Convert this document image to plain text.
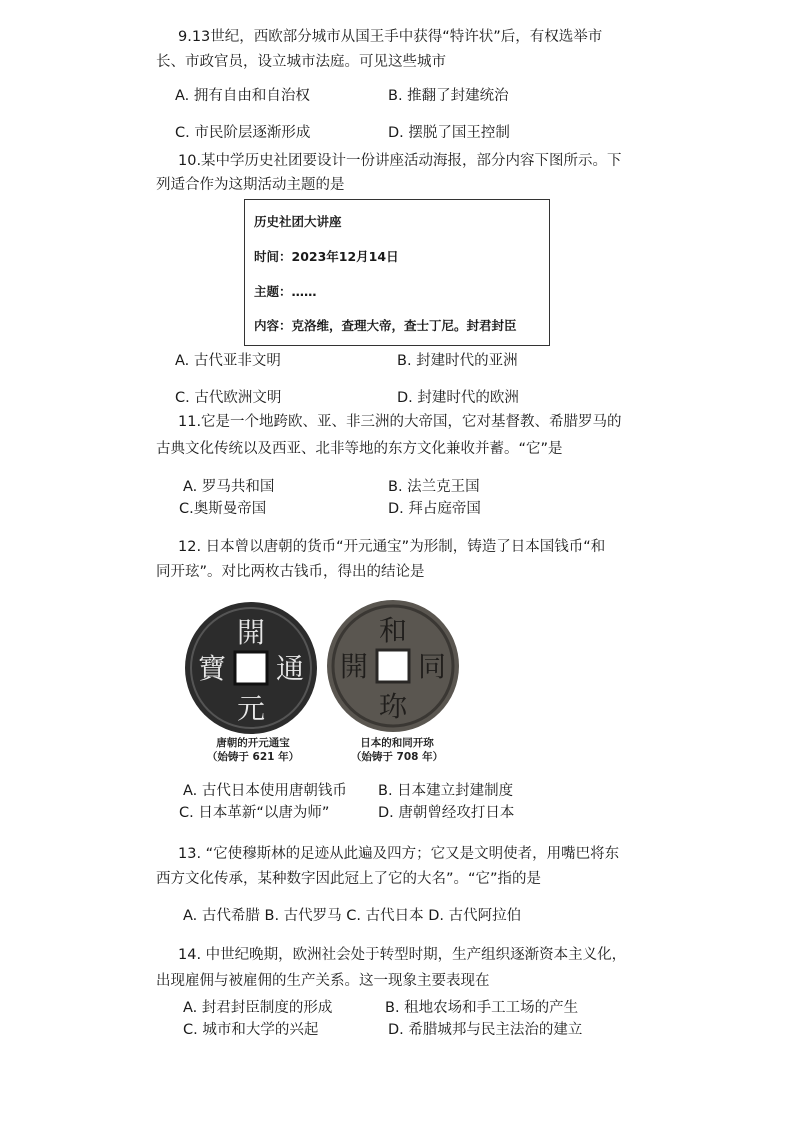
9.13世纪，西欧部分城市从国王手中获得“特许状”后，有权选举市
长、市政官员，设立城市法庭。可见这些城市
A. 拥有自由和自治权	B. 推翻了封建统治
C. 市民阶层逐渐形成	D. 摆脱了国王控制
10.某中学历史社团要设计一份讲座活动海报，部分内容下图所示。下
列适合作为这期活动主题的是
历史社团大讲座
时间：2023年12月14日
主题：……
内容：克洛维，查理大帝，查士丁尼。封君封臣
A. 古代亚非文明	B. 封建时代的亚洲
C. 古代欧洲文明	D. 封建时代的欧洲
11.它是一个地跨欧、亚、非三洲的大帝国，它对基督教、希腊罗马的
古典文化传统以及西亚、北非等地的东方文化兼收并蓄。“它”是
A. 罗马共和国	B. 法兰克王国
C.奥斯曼帝国	D. 拜占庭帝国
12. 日本曾以唐朝的货币“开元通宝”为形制，铸造了日本国钱币“和
同开玹”。对比两枚古钱币，得出的结论是
開
元
通
寶
和
珎
同
開
唐朝的开元通宝
（始铸于 621 年）
日本的和同开珎
（始铸于 708 年）
A. 古代日本使用唐朝钱币 B. 日本建立封建制度
C. 日本革新“以唐为师”	D. 唐朝曾经攻打日本
13. “它使穆斯林的足迹从此遍及四方；它又是文明使者，用嘴巴将东
西方文化传承，某种数字因此冠上了它的大名”。“它”指的是
A. 古代希腊 B. 古代罗马 C. 古代日本 D. 古代阿拉伯
14. 中世纪晚期，欧洲社会处于转型时期，生产组织逐渐资本主义化，
出现雇佣与被雇佣的生产关系。这一现象主要表现在
A. 封君封臣制度的形成	B. 租地农场和手工工场的产生
C. 城市和大学的兴起	D. 希腊城邦与民主法治的建立
